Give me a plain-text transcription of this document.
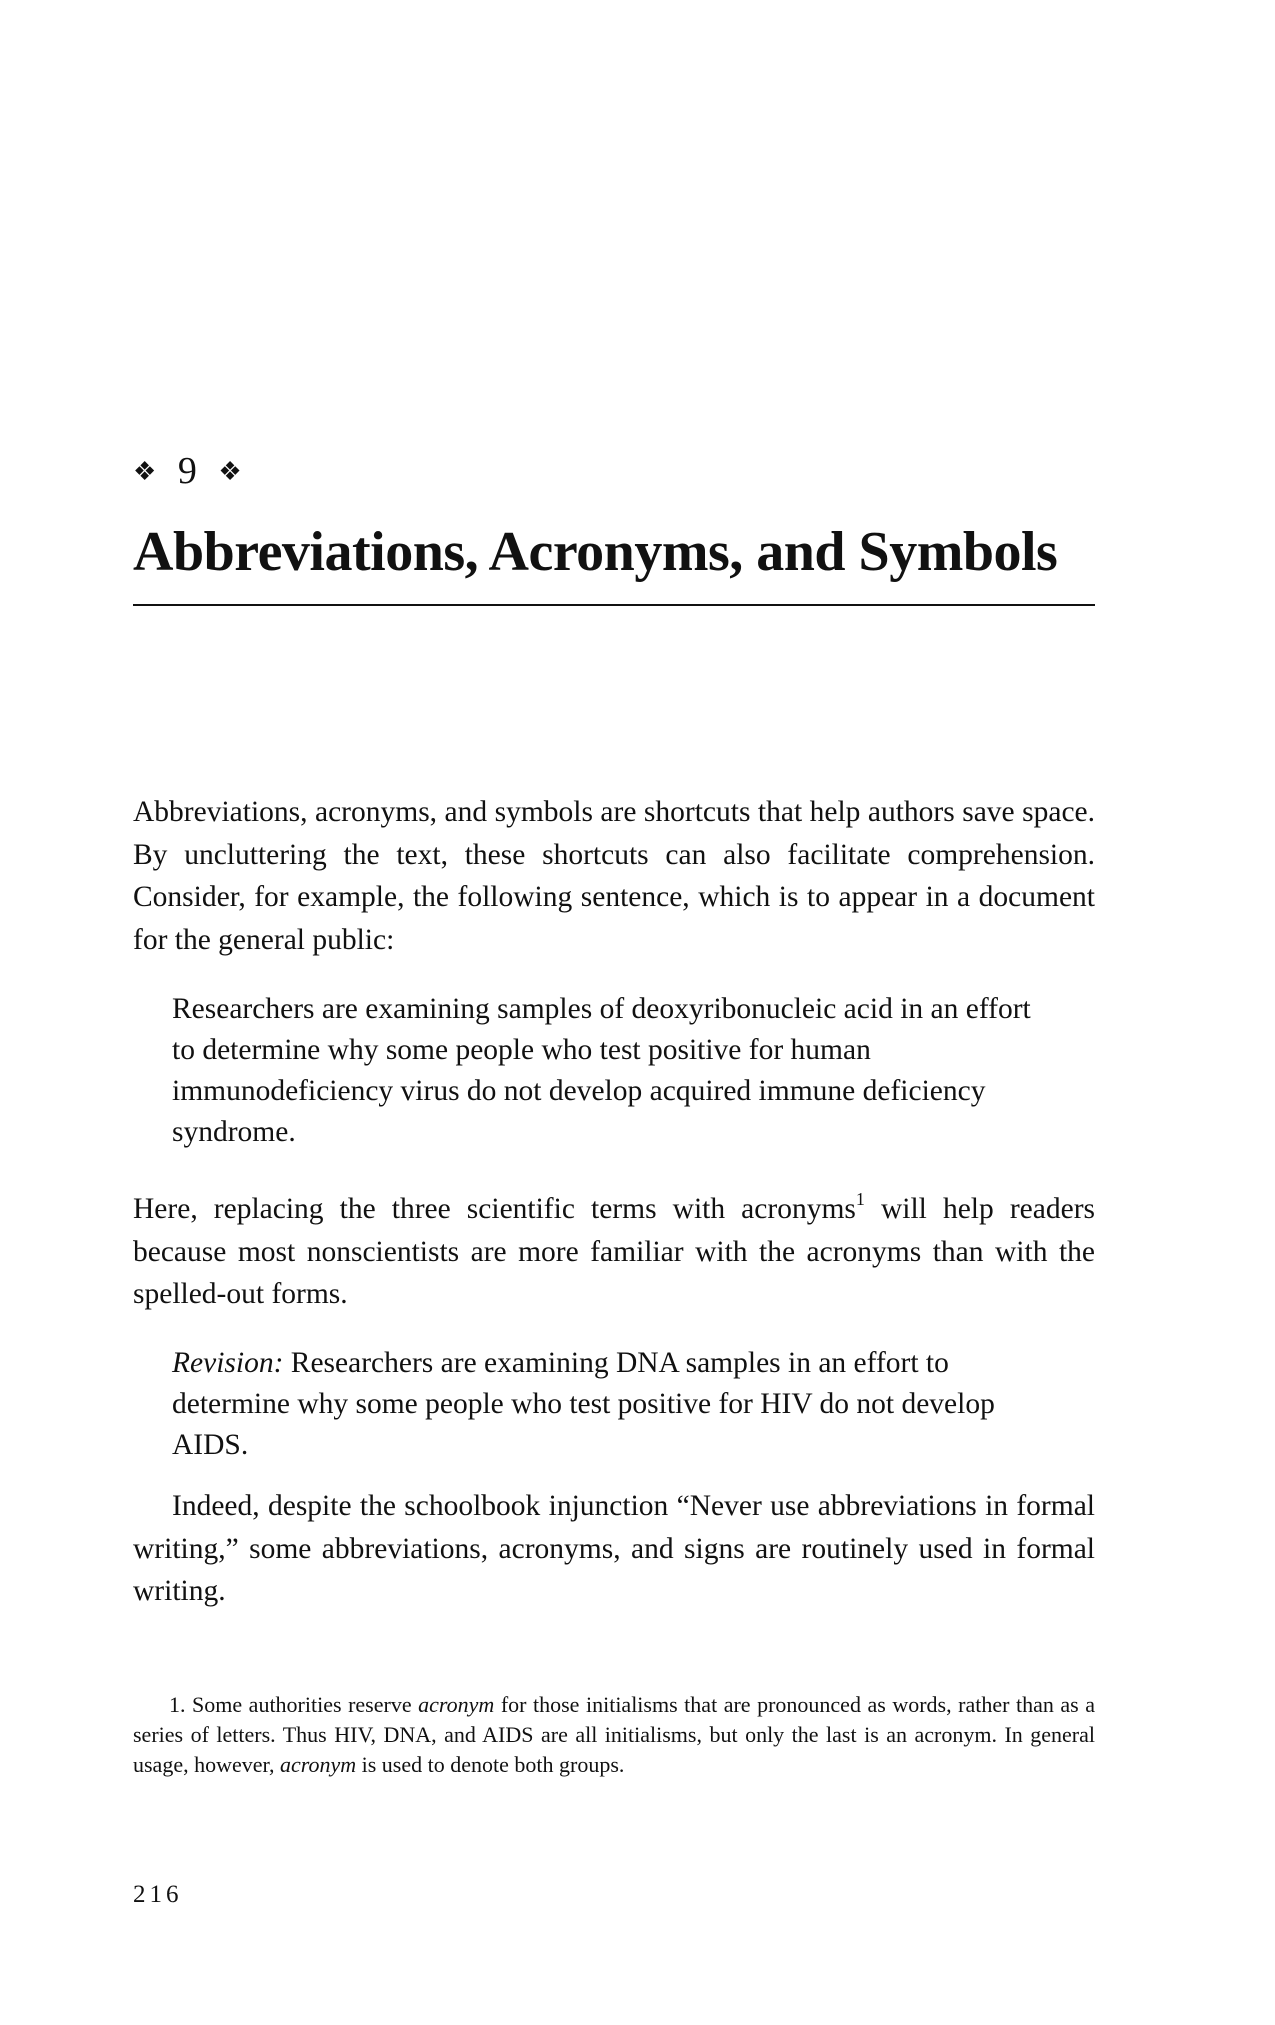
❖ 9 ❖
Abbreviations, Acronyms, and Symbols

Abbreviations, acronyms, and symbols are shortcuts that help authors save space. By uncluttering the text, these shortcuts can also facilitate comprehension. Consider, for example, the following sentence, which is to appear in a document for the general public:

Researchers are examining samples of deoxyribonucleic acid in an effort to determine why some people who test positive for human immunodeficiency virus do not develop acquired immune deficiency syndrome.

Here, replacing the three scientific terms with acronyms$^1$ will help readers because most nonscientists are more familiar with the acronyms than with the spelled-out forms.

Revision: Researchers are examining DNA samples in an effort to determine why some people who test positive for HIV do not develop AIDS.

Indeed, despite the schoolbook injunction “Never use abbreviations in formal writing,” some abbreviations, acronyms, and signs are routinely used in formal writing.

1. Some authorities reserve acronym for those initialisms that are pronounced as words, rather than as a series of letters. Thus HIV, DNA, and AIDS are all initialisms, but only the last is an acronym. In general usage, however, acronym is used to denote both groups.

216
